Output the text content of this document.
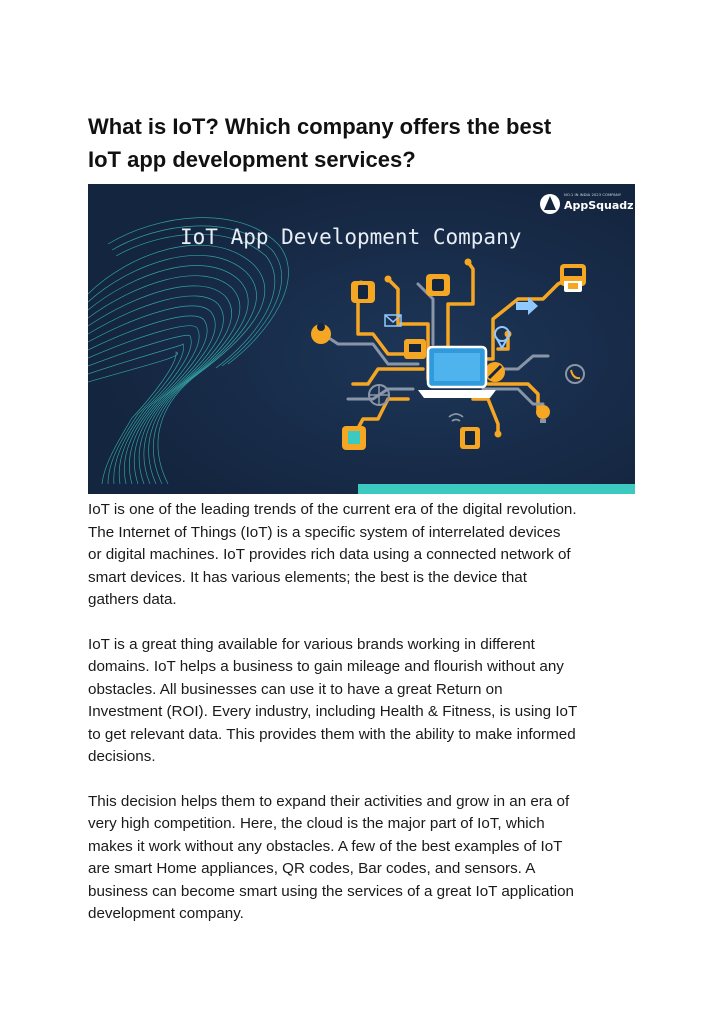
What is IoT? Which company offers the best
IoT app development services?
IoT App Development Company
NO.1 IN INDIA 2023 COMPANY
AppSquadz

IoT is one of the leading trends of the current era of the digital revolution.
The Internet of Things (IoT) is a specific system of interrelated devices
or digital machines. IoT provides rich data using a connected network of
smart devices. It has various elements; the best is the device that
gathers data.

IoT is a great thing available for various brands working in different
domains. IoT helps a business to gain mileage and flourish without any
obstacles. All businesses can use it to have a great Return on
Investment (ROI). Every industry, including Health & Fitness, is using IoT
to get relevant data. This provides them with the ability to make informed
decisions.

This decision helps them to expand their activities and grow in an era of
very high competition. Here, the cloud is the major part of IoT, which
makes it work without any obstacles. A few of the best examples of IoT
are smart Home appliances, QR codes, Bar codes, and sensors. A
business can become smart using the services of a great IoT application
development company.
